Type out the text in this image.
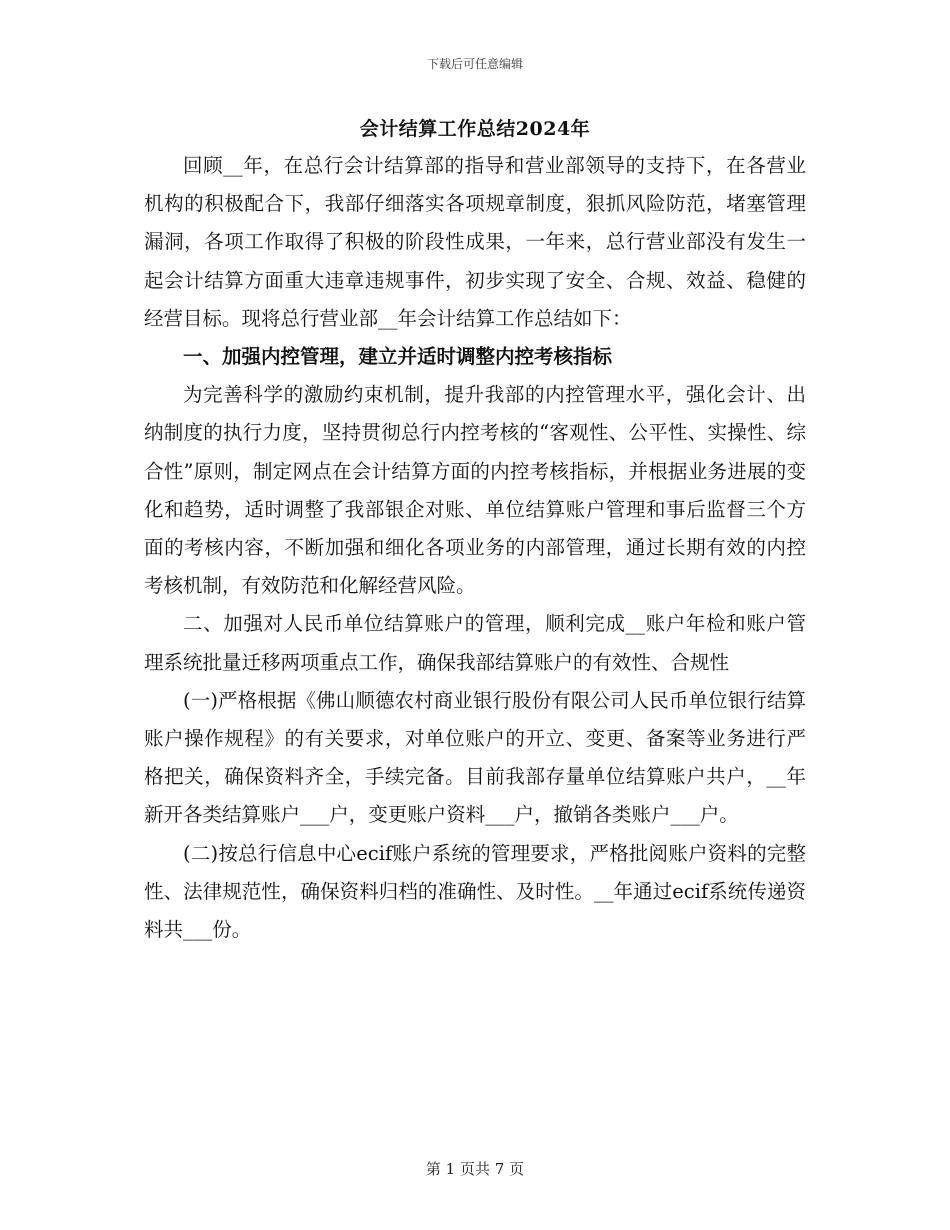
下载后可任意编辑
会计结算工作总结2024年

回顾__年，在总行会计结算部的指导和营业部领导的支持下，在各营业机构的积极配合下，我部仔细落实各项规章制度，狠抓风险防范，堵塞管理漏洞，各项工作取得了积极的阶段性成果，一年来，总行营业部没有发生一起会计结算方面重大违章违规事件，初步实现了安全、合规、效益、稳健的经营目标。现将总行营业部__年会计结算工作总结如下：

一、加强内控管理，建立并适时调整内控考核指标

为完善科学的激励约束机制，提升我部的内控管理水平，强化会计、出纳制度的执行力度，坚持贯彻总行内控考核的“客观性、公平性、实操性、综合性”原则，制定网点在会计结算方面的内控考核指标，并根据业务进展的变化和趋势，适时调整了我部银企对账、单位结算账户管理和事后监督三个方面的考核内容，不断加强和细化各项业务的内部管理，通过长期有效的内控考核机制，有效防范和化解经营风险。

二、加强对人民币单位结算账户的管理，顺利完成__账户年检和账户管理系统批量迁移两项重点工作，确保我部结算账户的有效性、合规性

(一)严格根据《佛山顺德农村商业银行股份有限公司人民币单位银行结算账户操作规程》的有关要求，对单位账户的开立、变更、备案等业务进行严格把关，确保资料齐全，手续完备。目前我部存量单位结算账户共户，__年新开各类结算账户___户，变更账户资料___户，撤销各类账户___户。

(二)按总行信息中心ecif账户系统的管理要求，严格批阅账户资料的完整性、法律规范性，确保资料归档的准确性、及时性。__年通过ecif系统传递资料共___份。

第 1 页共 7 页
